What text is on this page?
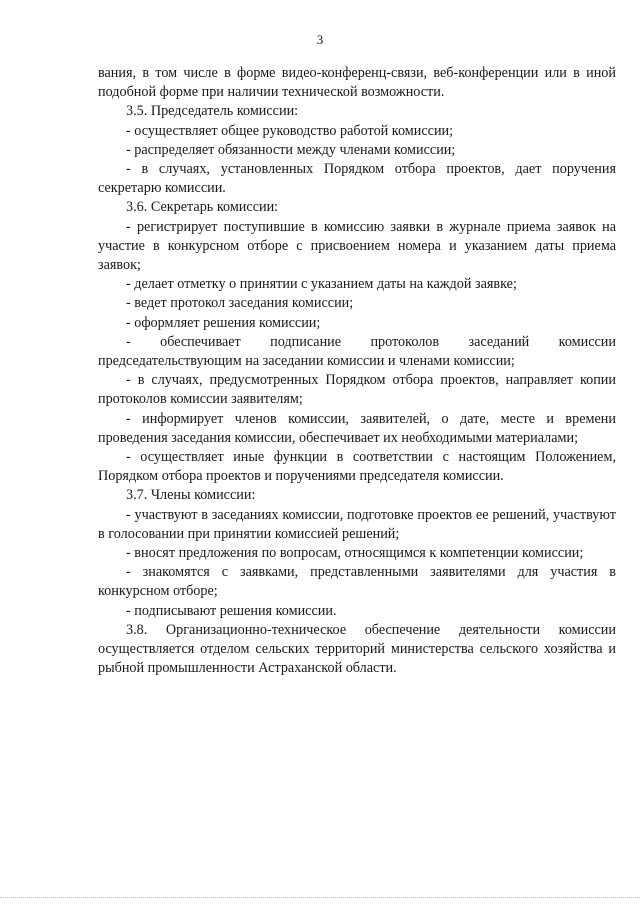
3

вания, в том числе в форме видео-конференц-связи, веб-конференции или в иной подобной форме при наличии технической возможности.

3.5. Председатель комиссии:

- осуществляет общее руководство работой комиссии;

- распределяет обязанности между членами комиссии;

- в случаях, установленных Порядком отбора проектов, дает поручения секретарю комиссии.

3.6. Секретарь комиссии:

- регистрирует поступившие в комиссию заявки в журнале приема заявок на участие в конкурсном отборе с присвоением номера и указанием даты приема заявок;

- делает отметку о принятии с указанием даты на каждой заявке;

- ведет протокол заседания комиссии;

- оформляет решения комиссии;

- обеспечивает подписание протоколов заседаний комиссии председательствующим на заседании комиссии и членами комиссии;

- в случаях, предусмотренных Порядком отбора проектов, направляет копии протоколов комиссии заявителям;

- информирует членов комиссии, заявителей, о дате, месте и времени проведения заседания комиссии, обеспечивает их необходимыми материалами;

- осуществляет иные функции в соответствии с настоящим Положением, Порядком отбора проектов и поручениями председателя комиссии.

3.7. Члены комиссии:

- участвуют в заседаниях комиссии, подготовке проектов ее решений, участвуют в голосовании при принятии комиссией решений;

- вносят предложения по вопросам, относящимся к компетенции комиссии;

- знакомятся с заявками, представленными заявителями для участия в конкурсном отборе;

- подписывают решения комиссии.

3.8. Организационно-техническое обеспечение деятельности комиссии осуществляется отделом сельских территорий министерства сельского хозяйства и рыбной промышленности Астраханской области.
